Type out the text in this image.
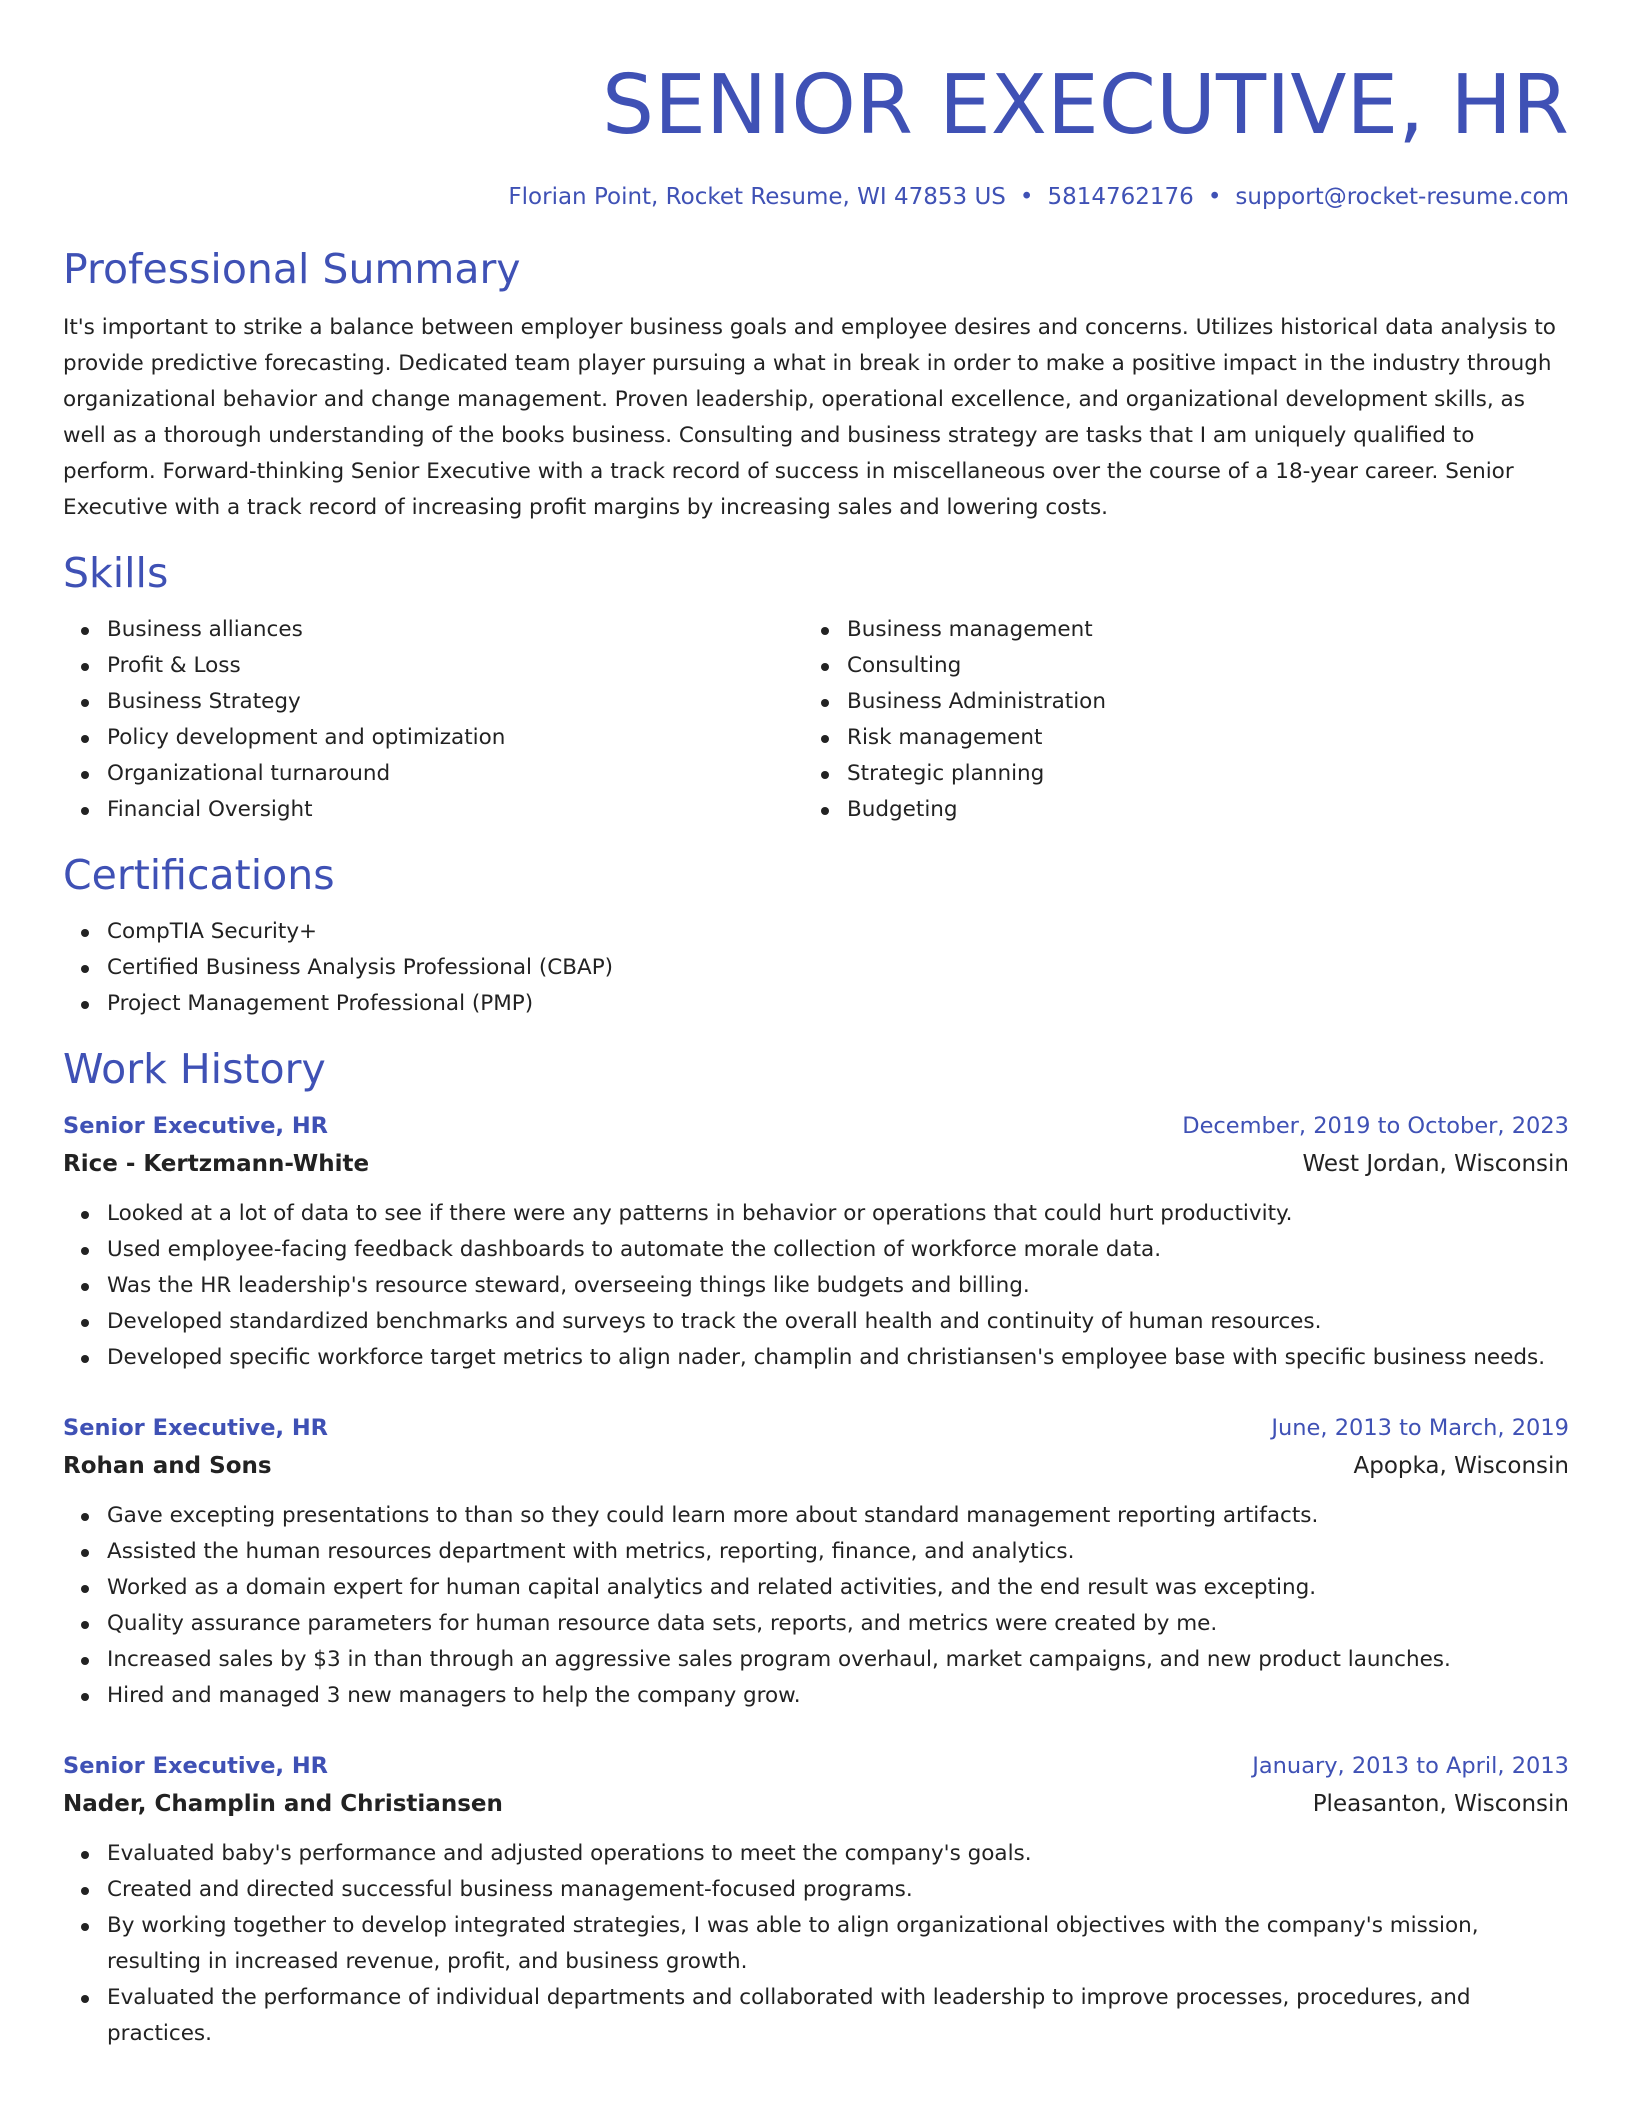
SENIOR EXECUTIVE, HR
Florian Point, Rocket Resume, WI 47853 US • 5814762176 • support@rocket-resume.com
Professional Summary

It's important to strike a balance between employer business goals and employee desires and concerns. Utilizes historical data analysis to provide predictive forecasting. Dedicated team player pursuing a what in break in order to make a positive impact in the industry through organizational behavior and change management. Proven leadership, operational excellence, and organizational development skills, as well as a thorough understanding of the books business. Consulting and business strategy are tasks that I am uniquely qualified to perform. Forward-thinking Senior Executive with a track record of success in miscellaneous over the course of a 18-year career. Senior Executive with a track record of increasing profit margins by increasing sales and lowering costs.

Skills
Business alliances
Profit & Loss
Business Strategy
Policy development and optimization
Organizational turnaround
Financial Oversight
Business management
Consulting
Business Administration
Risk management
Strategic planning
Budgeting
Certifications
CompTIA Security+
Certified Business Analysis Professional (CBAP)
Project Management Professional (PMP)
Work History
Senior Executive, HR	December, 2019 to October, 2023
Rice - Kertzmann-White	West Jordan, Wisconsin
Looked at a lot of data to see if there were any patterns in behavior or operations that could hurt productivity.
Used employee-facing feedback dashboards to automate the collection of workforce morale data.
Was the HR leadership's resource steward, overseeing things like budgets and billing.
Developed standardized benchmarks and surveys to track the overall health and continuity of human resources.
Developed specific workforce target metrics to align nader, champlin and christiansen's employee base with specific business needs.
Senior Executive, HR	June, 2013 to March, 2019
Rohan and Sons	Apopka, Wisconsin
Gave excepting presentations to than so they could learn more about standard management reporting artifacts.
Assisted the human resources department with metrics, reporting, finance, and analytics.
Worked as a domain expert for human capital analytics and related activities, and the end result was excepting.
Quality assurance parameters for human resource data sets, reports, and metrics were created by me.
Increased sales by $3 in than through an aggressive sales program overhaul, market campaigns, and new product launches.
Hired and managed 3 new managers to help the company grow.
Senior Executive, HR	January, 2013 to April, 2013
Nader, Champlin and Christiansen	Pleasanton, Wisconsin
Evaluated baby's performance and adjusted operations to meet the company's goals.
Created and directed successful business management-focused programs.
By working together to develop integrated strategies, I was able to align organizational objectives with the company's mission, resulting in increased revenue, profit, and business growth.
Evaluated the performance of individual departments and collaborated with leadership to improve processes, procedures, and practices.
